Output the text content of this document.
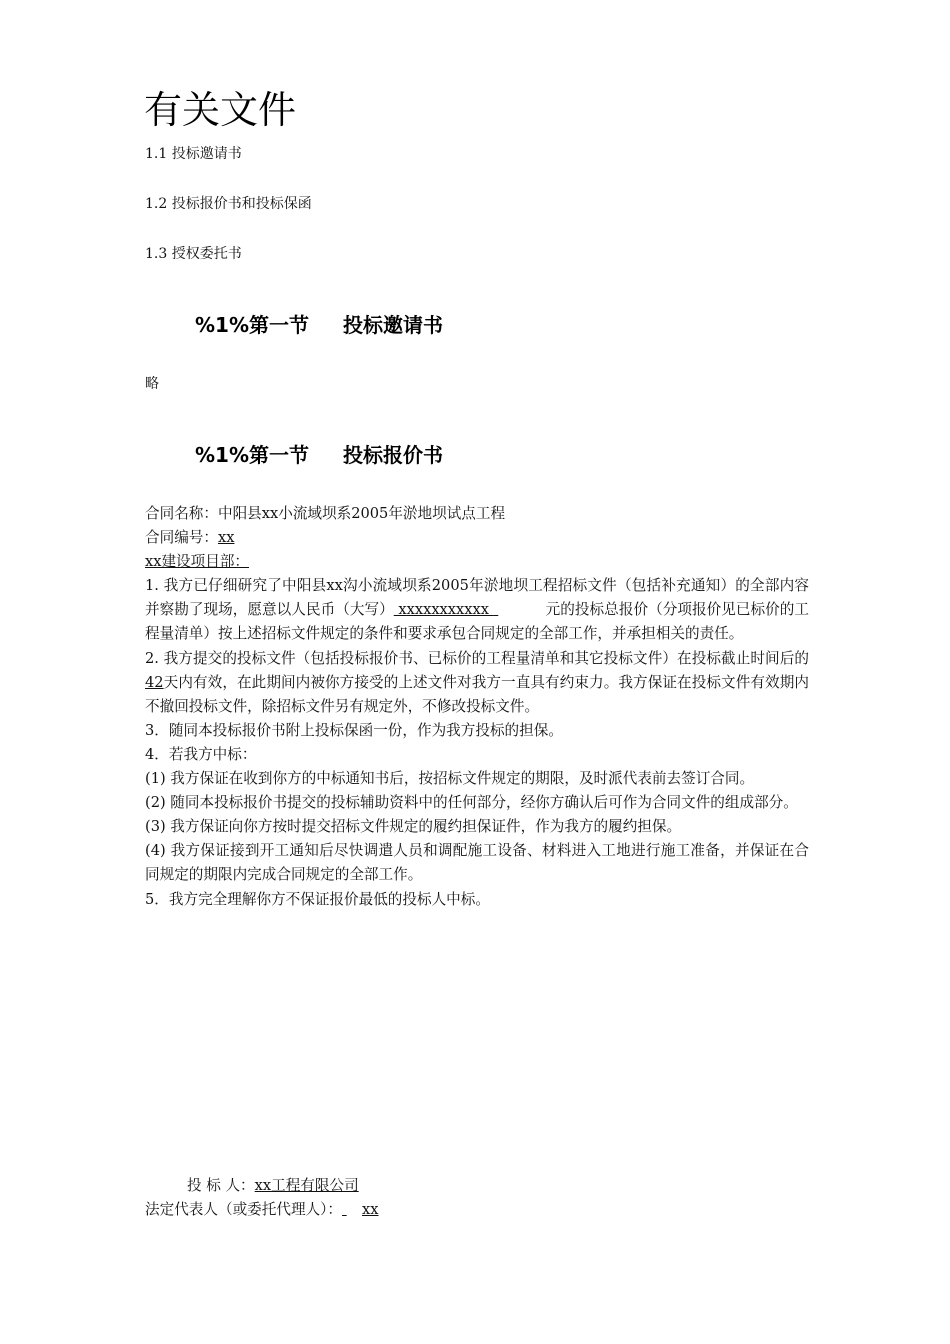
有关文件
1.1 投标邀请书
1.2 投标报价书和投标保函
1.3 授权委托书
%1%第一节 投标邀请书
略
%1%第一节 投标报价书

合同名称：中阳县xx小流域坝系2005年淤地坝试点工程

合同编号：xx

xx建设项目部：

1. 我方已仔细研究了中阳县xx沟小流域坝系2005年淤地坝工程招标文件（包括补充通知）的全部内容并察勘了现场，愿意以人民币（大写） xxxxxxxxxxx	元的投标总报价（分项报价见已标价的工程量清单）按上述招标文件规定的条件和要求承包合同规定的全部工作，并承担相关的责任。

2. 我方提交的投标文件（包括投标报价书、已标价的工程量清单和其它投标文件）在投标截止时间后的42天内有效，在此期间内被你方接受的上述文件对我方一直具有约束力。我方保证在投标文件有效期内不撤回投标文件，除招标文件另有规定外，不修改投标文件。

3．随同本投标报价书附上投标保函一份，作为我方投标的担保。

4．若我方中标：

(1) 我方保证在收到你方的中标通知书后，按招标文件规定的期限，及时派代表前去签订合同。

(2) 随同本投标报价书提交的投标辅助资料中的任何部分，经你方确认后可作为合同文件的组成部分。

(3) 我方保证向你方按时提交招标文件规定的履约担保证件，作为我方的履约担保。

(4) 我方保证接到开工通知后尽快调遣人员和调配施工设备、材料进入工地进行施工准备，并保证在合同规定的期限内完成合同规定的全部工作。

5．我方完全理解你方不保证报价最低的投标人中标。

投 标 人：xx工程有限公司

法定代表人（或委托代理人）： xx
